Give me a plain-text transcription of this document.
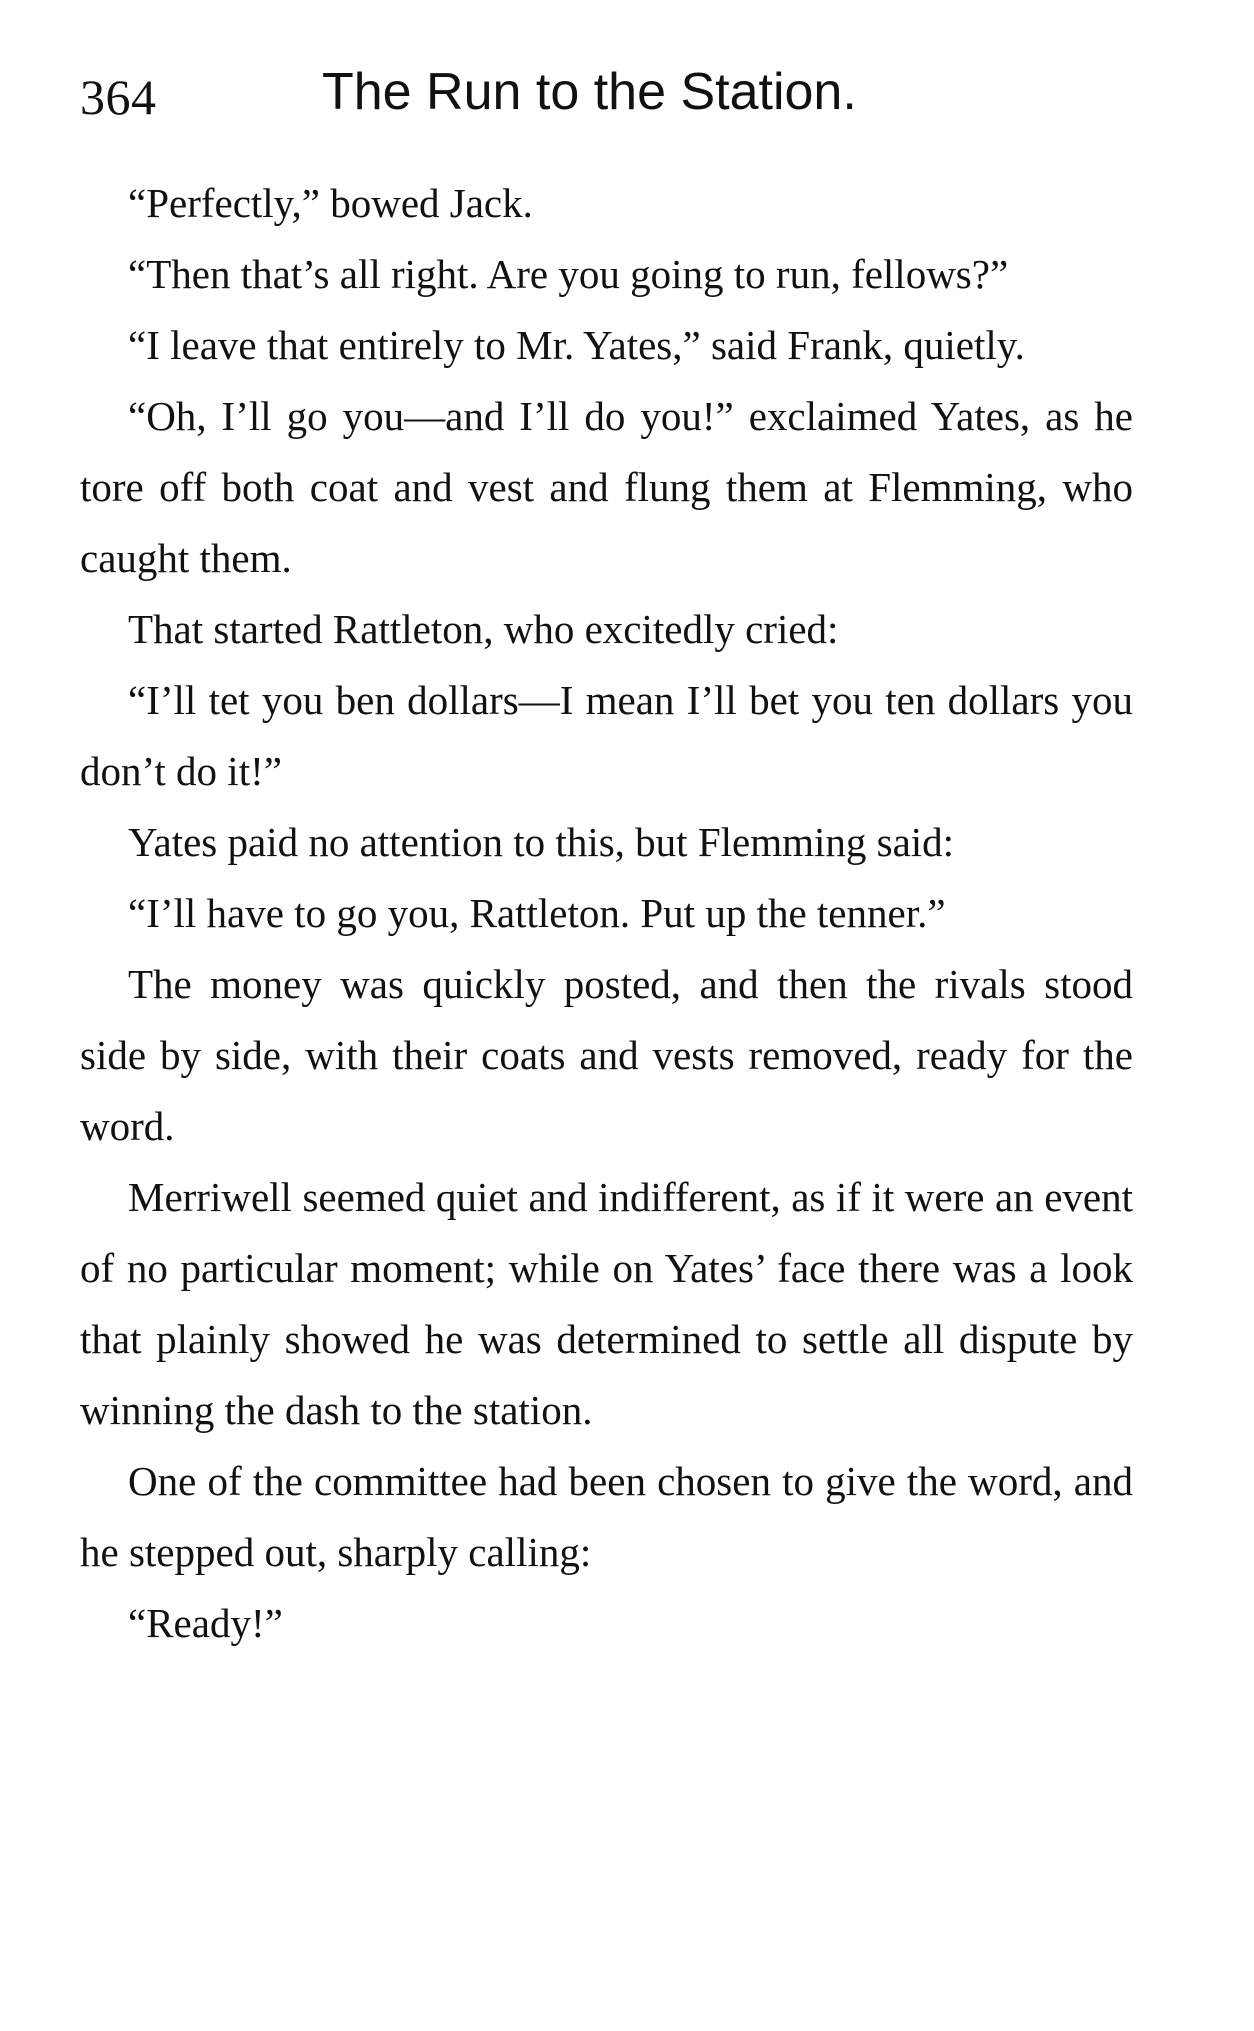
364	The Run to the Station.

“Perfectly,” bowed Jack.

“Then that’s all right. Are you going to run, fellows?”

“I leave that entirely to Mr. Yates,” said Frank, quietly.

“Oh, I’ll go you—and I’ll do you!” exclaimed Yates, as he tore off both coat and vest and flung them at Flemming, who caught them.

That started Rattleton, who excitedly cried:

“I’ll tet you ben dollars—I mean I’ll bet you ten dollars you don’t do it!”

Yates paid no attention to this, but Flemming said:

“I’ll have to go you, Rattleton. Put up the tenner.”

The money was quickly posted, and then the rivals stood side by side, with their coats and vests removed, ready for the word.

Merriwell seemed quiet and indifferent, as if it were an event of no particular moment; while on Yates’ face there was a look that plainly showed he was determined to settle all dispute by winning the dash to the station.

One of the committee had been chosen to give the word, and he stepped out, sharply calling:

“Ready!”
